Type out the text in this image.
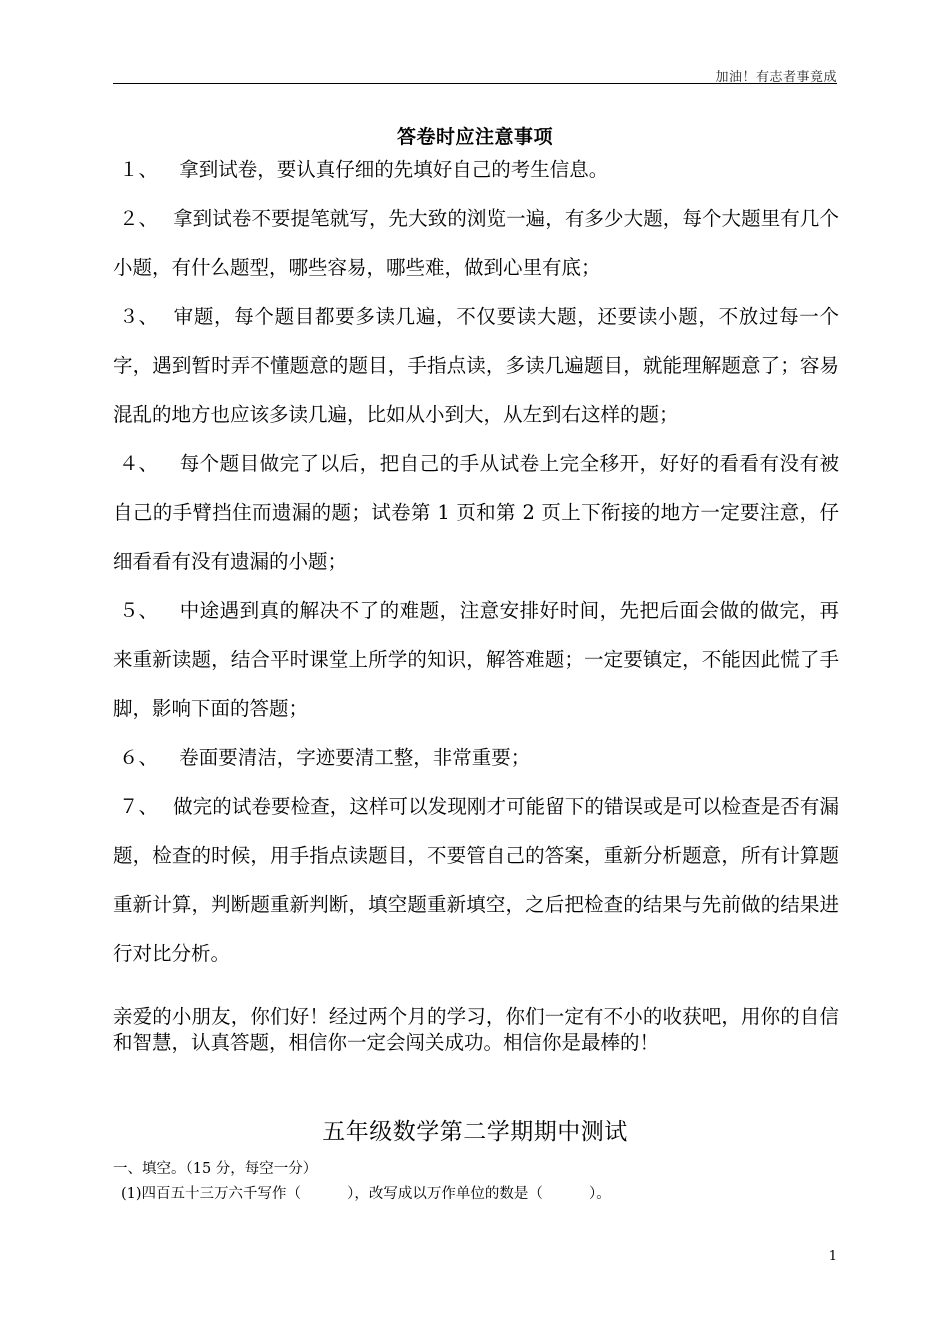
加油！有志者事竟成
答卷时应注意事项

１、 拿到试卷，要认真仔细的先填好自己的考生信息。

２、 拿到试卷不要提笔就写，先大致的浏览一遍，有多少大题，每个大题里有几个小题，有什么题型，哪些容易，哪些难，做到心里有底；

３、 审题，每个题目都要多读几遍，不仅要读大题，还要读小题，不放过每一个字，遇到暂时弄不懂题意的题目，手指点读，多读几遍题目，就能理解题意了；容易混乱的地方也应该多读几遍，比如从小到大，从左到右这样的题；

４、 每个题目做完了以后，把自己的手从试卷上完全移开，好好的看看有没有被自己的手臂挡住而遗漏的题；试卷第 1 页和第 2 页上下衔接的地方一定要注意，仔细看看有没有遗漏的小题；

５、 中途遇到真的解决不了的难题，注意安排好时间，先把后面会做的做完，再来重新读题，结合平时课堂上所学的知识，解答难题；一定要镇定，不能因此慌了手脚，影响下面的答题；

６、 卷面要清洁，字迹要清工整，非常重要；

７、 做完的试卷要检查，这样可以发现刚才可能留下的错误或是可以检查是否有漏题，检查的时候，用手指点读题目，不要管自己的答案，重新分析题意，所有计算题重新计算，判断题重新判断，填空题重新填空，之后把检查的结果与先前做的结果进行对比分析。

亲爱的小朋友，你们好！经过两个月的学习，你们一定有不小的收获吧，用你的自信和智慧，认真答题，相信你一定会闯关成功。相信你是最棒的！
五年级数学第二学期期中测试
一、填空。（15 分，每空一分）
(1)四百五十三万六千写作（          ），改写成以万作单位的数是（          ）。
1
